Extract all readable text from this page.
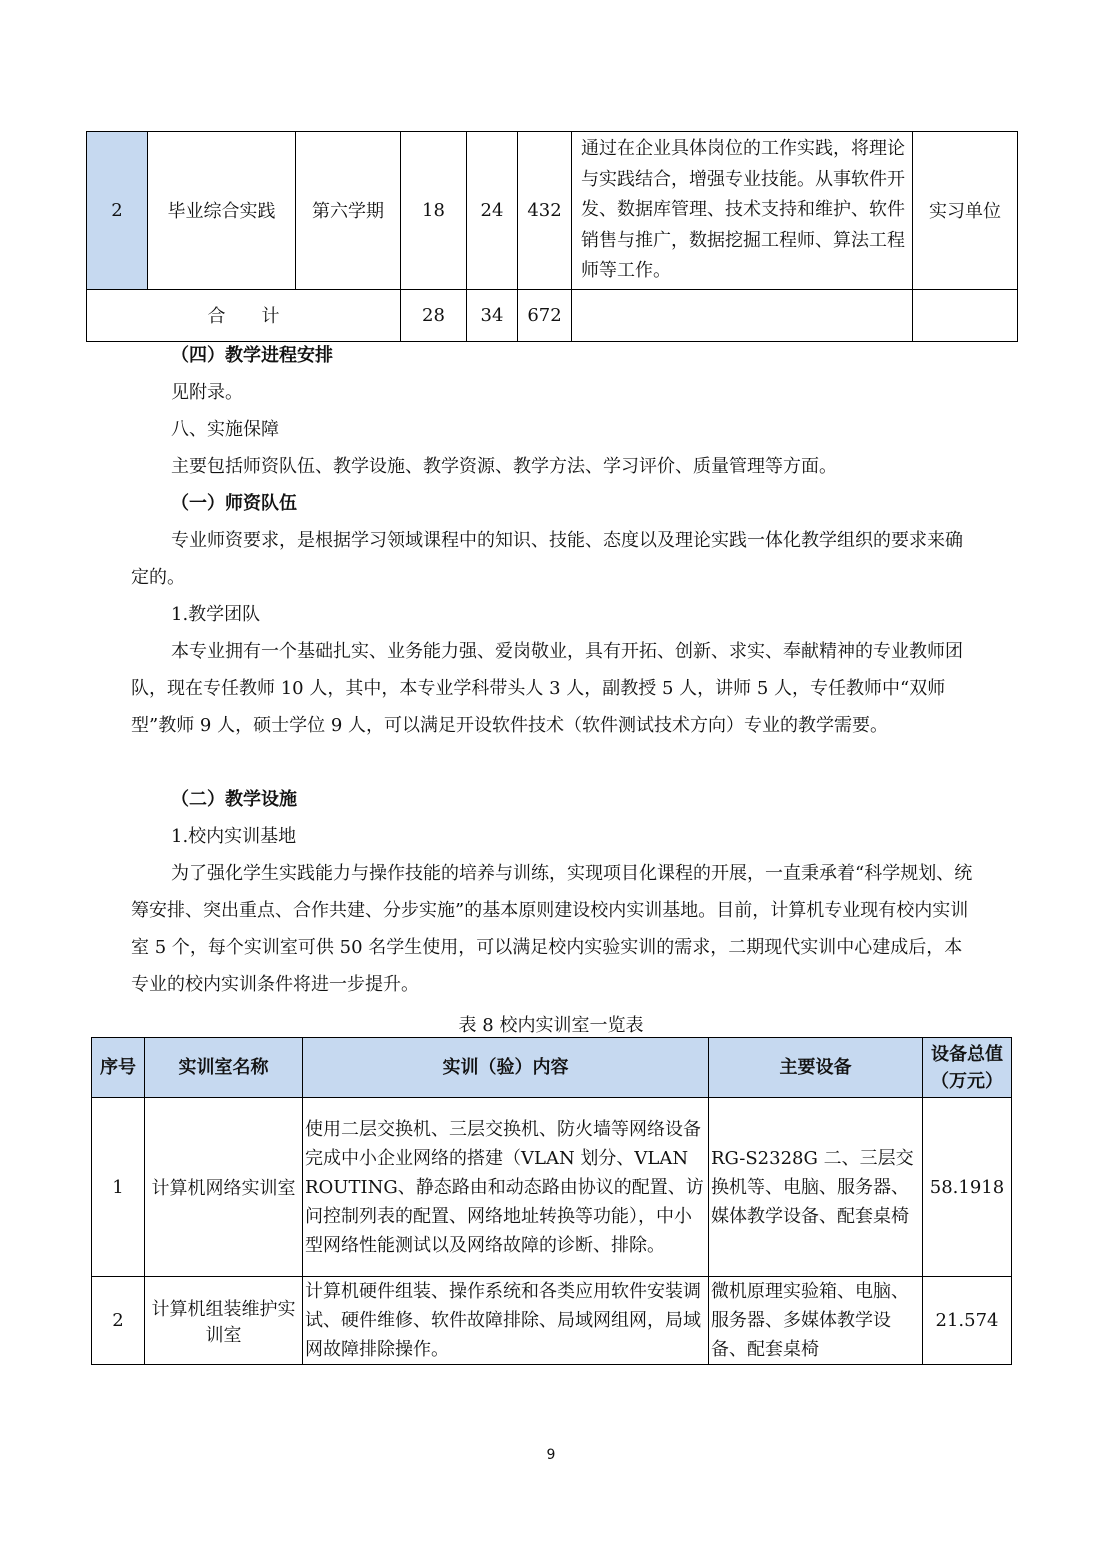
2	毕业综合实践	第六学期	18	24	432	通过在企业具体岗位的工作实践，将理论与实践结合，增强专业技能。从事软件开发、数据库管理、技术支持和维护、软件销售与推广，数据挖掘工程师、算法工程师等工作。	实习单位
合　　计			28	34	672		

（四）教学进程安排

见附录。

八、实施保障

主要包括师资队伍、教学设施、教学资源、教学方法、学习评价、质量管理等方面。

（一）师资队伍

专业师资要求，是根据学习领域课程中的知识、技能、态度以及理论实践一体化教学组织的要求来确定的。

1.教学团队

本专业拥有一个基础扎实、业务能力强、爱岗敬业，具有开拓、创新、求实、奉献精神的专业教师团队，现在专任教师 10 人，其中，本专业学科带头人 3 人，副教授 5 人，讲师 5 人，专任教师中“双师型”教师 9 人，硕士学位 9 人，可以满足开设软件技术（软件测试技术方向）专业的教学需要。

（二）教学设施

1.校内实训基地

为了强化学生实践能力与操作技能的培养与训练，实现项目化课程的开展，一直秉承着“科学规划、统筹安排、突出重点、合作共建、分步实施”的基本原则建设校内实训基地。目前，计算机专业现有校内实训室 5 个，每个实训室可供 50 名学生使用，可以满足校内实验实训的需求，二期现代实训中心建成后，本专业的校内实训条件将进一步提升。

表 8 校内实训室一览表
序号	实训室名称	实训（验）内容	主要设备	设备总值（万元）
1	计算机网络实训室	使用二层交换机、三层交换机、防火墙等网络设备完成中小企业网络的搭建（VLAN 划分、VLAN ROUTING、静态路由和动态路由协议的配置、访问控制列表的配置、网络地址转换等功能），中小型网络性能测试以及网络故障的诊断、排除。	RG-S2328G 二、三层交换机等、电脑、服务器、媒体教学设备、配套桌椅	58.1918
2	计算机组装维护实训室	计算机硬件组装、操作系统和各类应用软件安装调试、硬件维修、软件故障排除、局域网组网，局域网故障排除操作。	微机原理实验箱、电脑、服务器、多媒体教学设备、配套桌椅	21.574
9
